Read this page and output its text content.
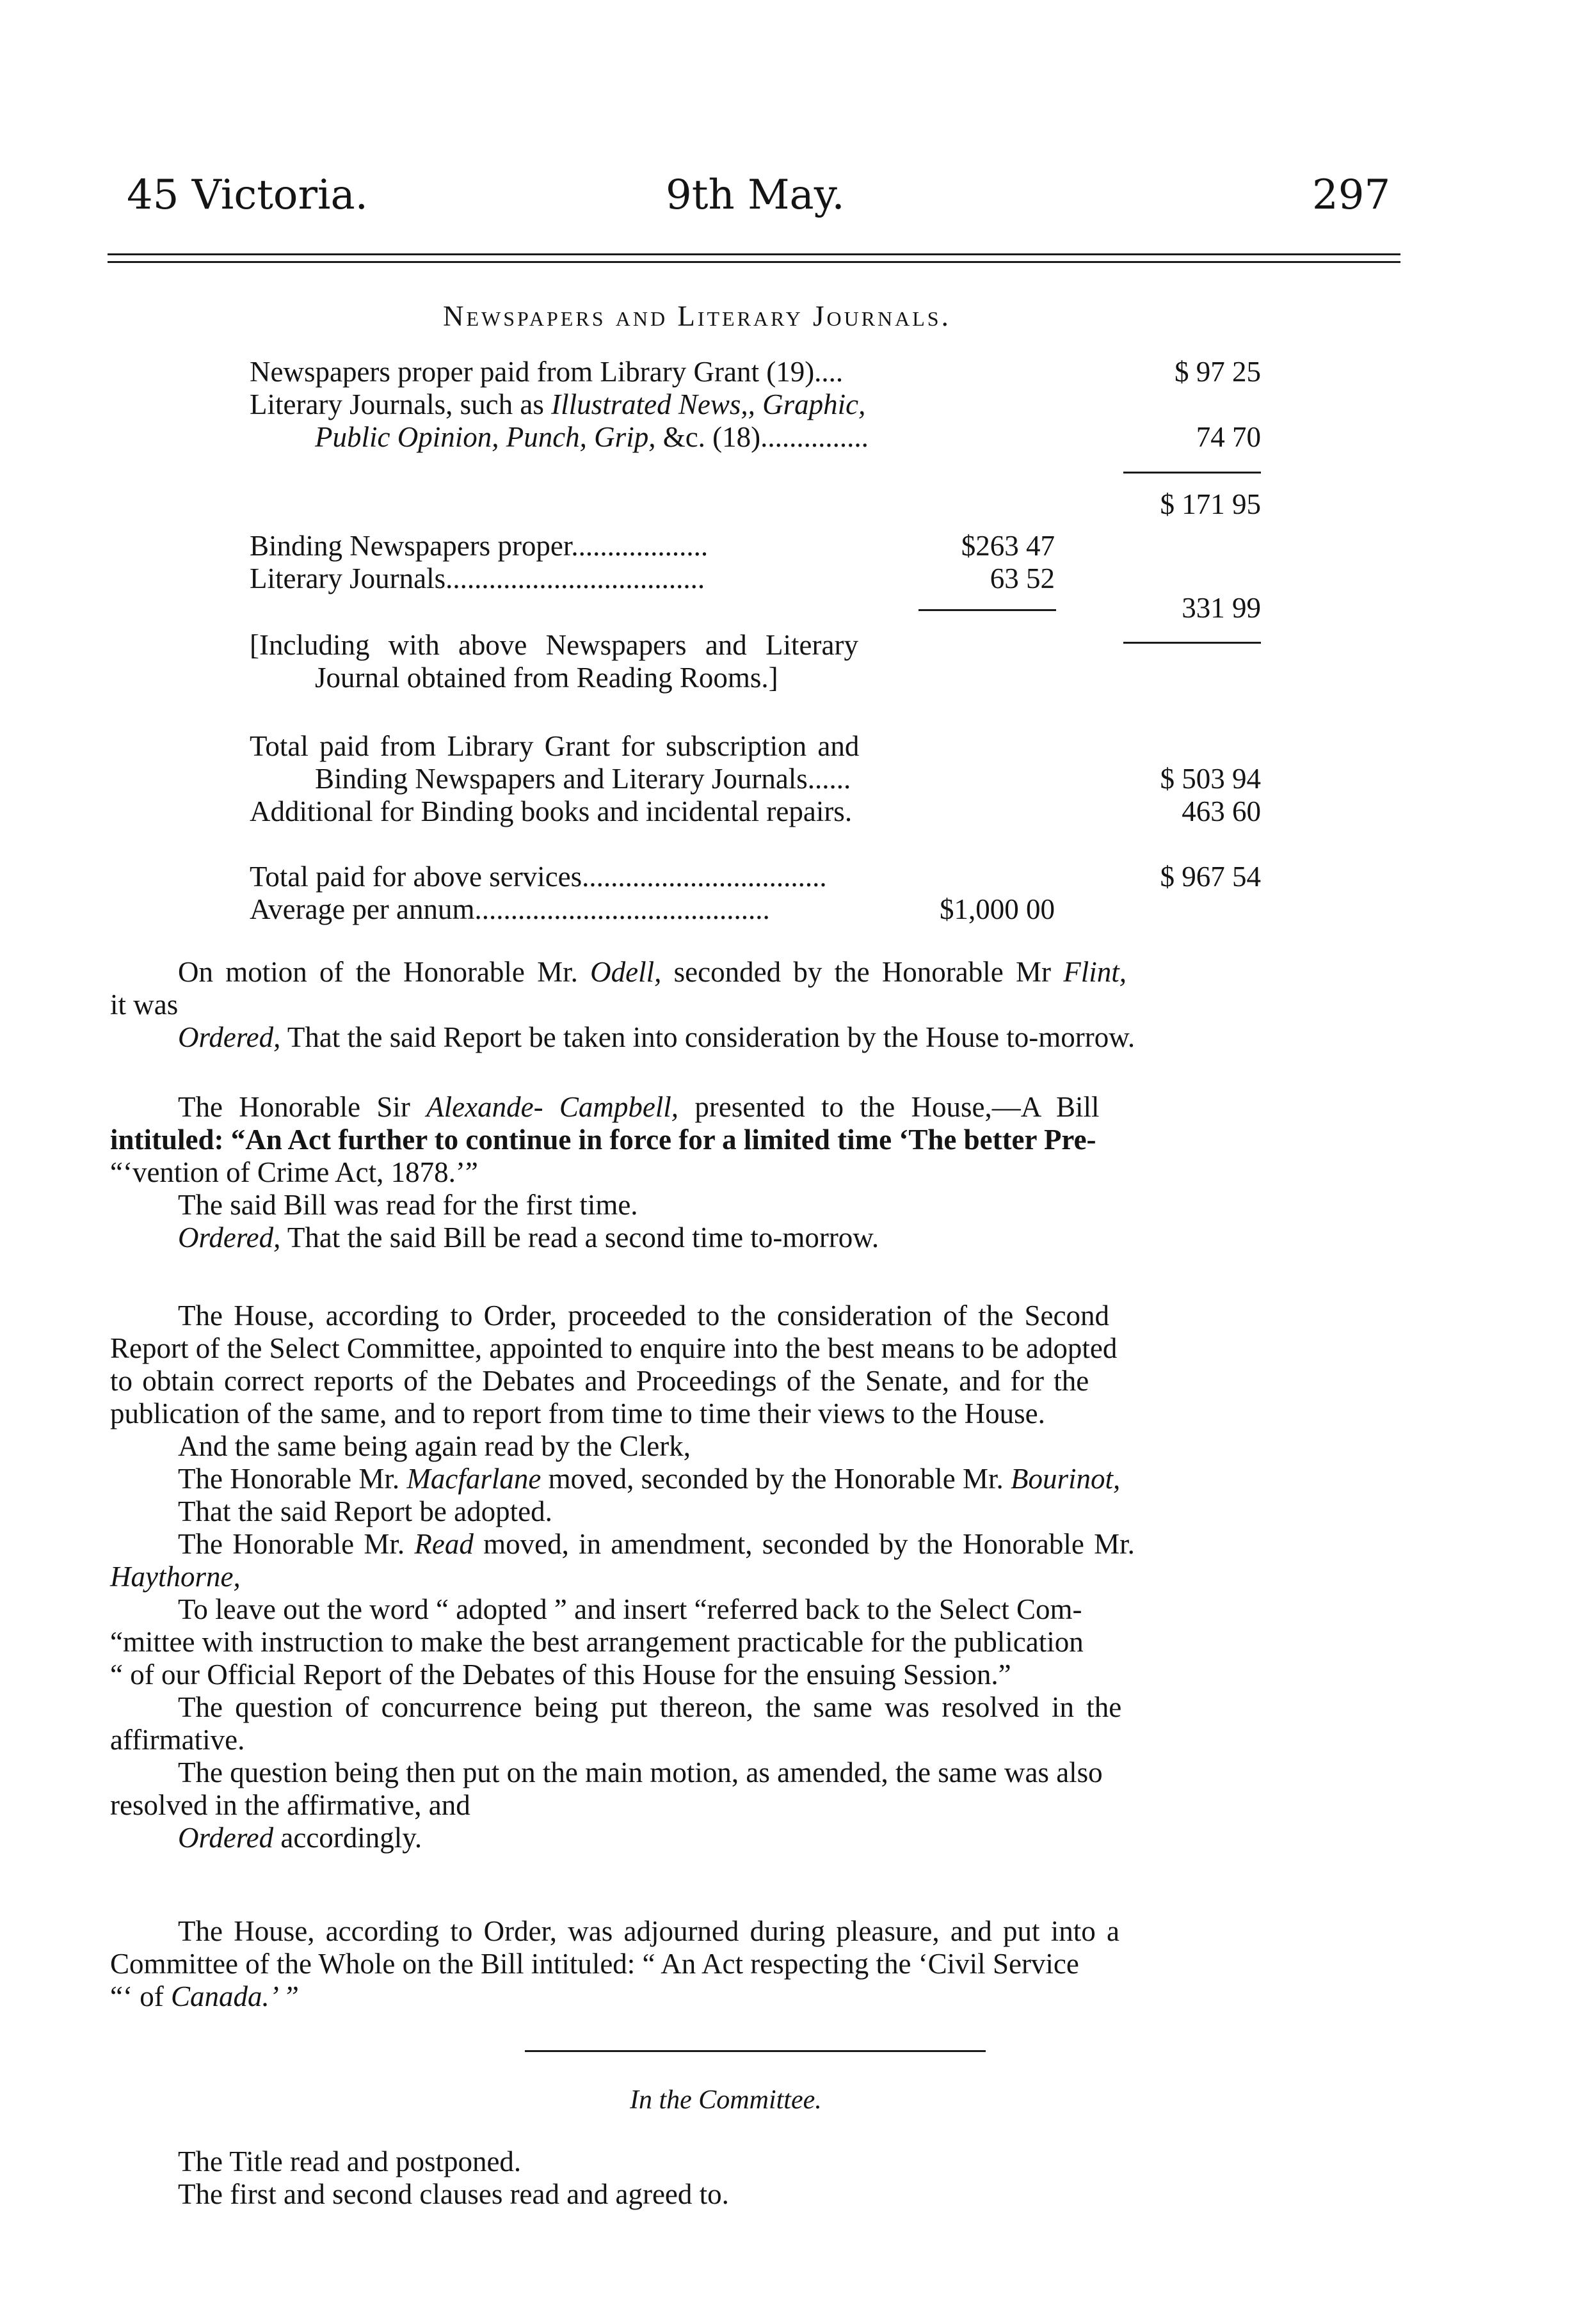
45 Victoria.	9th May.	297
Newspapers and Literary Journals.
Newspapers proper paid from Library Grant (19)....	$ 97 25
Literary Journals, such as Illustrated News,, Graphic,
Public Opinion, Punch, Grip, &c. (18)...............	74 70
$ 171 95
Binding Newspapers proper...................	$263 47
Literary Journals....................................	63 52
331 99
[Including with above Newspapers and Literary
Journal obtained from Reading Rooms.]
Total paid from Library Grant for subscription and
Binding Newspapers and Literary Journals......	$ 503 94
Additional for Binding books and incidental repairs.	463 60
Total paid for above services..................................	$ 967 54
Average per annum.........................................	$1,000 00
On motion of the Honorable Mr. Odell, seconded by the Honorable Mr Flint,
it was
Ordered, That the said Report be taken into consideration by the House to-morrow.
The Honorable Sir Alexande- Campbell, presented to the House,—A Bill
intituled: “An Act further to continue in force for a limited time ‘The better Pre-
“‘vention of Crime Act, 1878.’”
The said Bill was read for the first time.
Ordered, That the said Bill be read a second time to-morrow.
The House, according to Order, proceeded to the consideration of the Second
Report of the Select Committee, appointed to enquire into the best means to be adopted
to obtain correct reports of the Debates and Proceedings of the Senate, and for the
publication of the same, and to report from time to time their views to the House.
And the same being again read by the Clerk,
The Honorable Mr. Macfarlane moved, seconded by the Honorable Mr. Bourinot,
That the said Report be adopted.
The Honorable Mr. Read moved, in amendment, seconded by the Honorable Mr.
Haythorne,
To leave out the word “ adopted ” and insert “referred back to the Select Com-
“mittee with instruction to make the best arrangement practicable for the publication
“ of our Official Report of the Debates of this House for the ensuing Session.”
The question of concurrence being put thereon, the same was resolved in the
affirmative.
The question being then put on the main motion, as amended, the same was also
resolved in the affirmative, and
Ordered accordingly.
The House, according to Order, was adjourned during pleasure, and put into a
Committee of the Whole on the Bill intituled: “ An Act respecting the ‘Civil Service
“‘ of Canada.’ ”
In the Committee.
The Title read and postponed.
The first and second clauses read and agreed to.
